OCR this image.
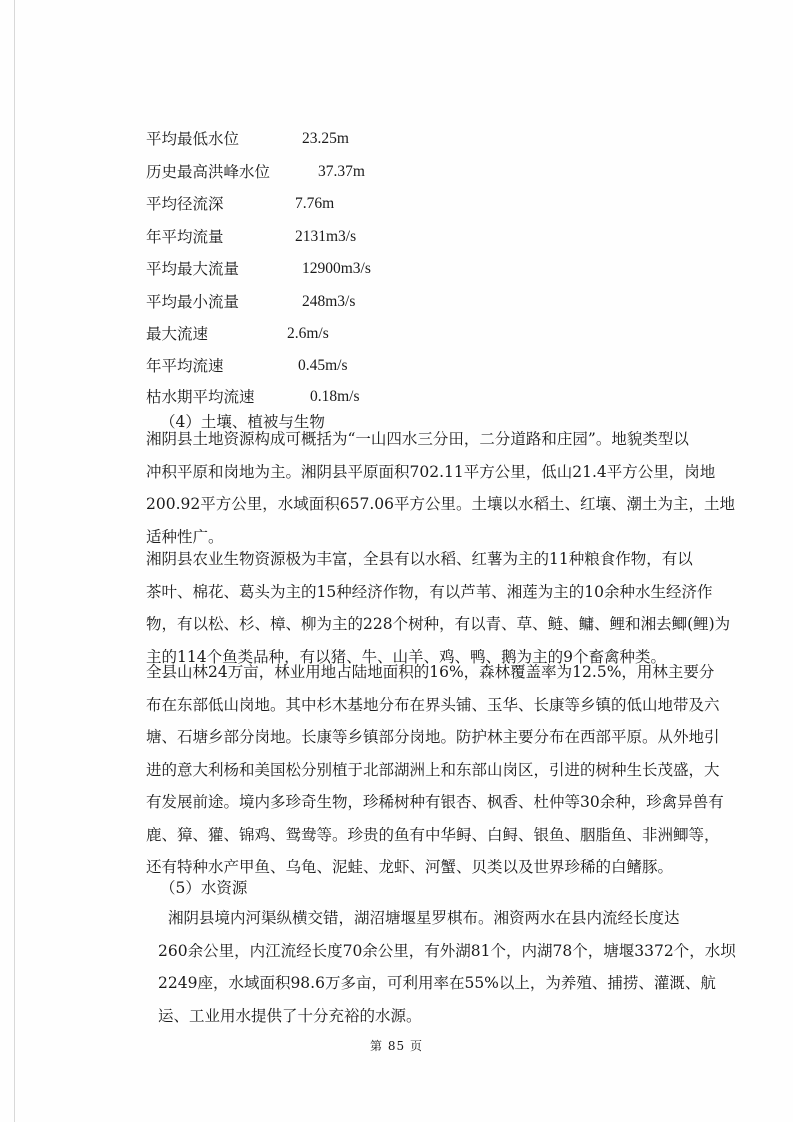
平均最低水位	23.25m
历史最高洪峰水位	37.37m
平均径流深	7.76m
年平均流量	2131m3/s
平均最大流量	12900m3/s
平均最小流量	248m3/s
最大流速	2.6m/s
年平均流速	0.45m/s
枯水期平均流速	0.18m/s
（4）土壤、植被与生物
湘阴县土地资源构成可概括为“一山四水三分田，二分道路和庄园”。地貌类型以
冲积平原和岗地为主。湘阴县平原面积702.11平方公里，低山21.4平方公里，岗地
200.92平方公里，水域面积657.06平方公里。土壤以水稻土、红壤、潮土为主，土地
适种性广。
湘阴县农业生物资源极为丰富，全县有以水稻、红薯为主的11种粮食作物，有以
茶叶、棉花、葛头为主的15种经济作物，有以芦苇、湘莲为主的10余种水生经济作
物，有以松、杉、樟、柳为主的228个树种，有以青、草、鲢、鳙、鲤和湘去鲫(鲤)为
主的114个鱼类品种，有以猪、牛、山羊、鸡、鸭、鹅为主的9个畜禽种类。
全县山林24万亩，林业用地占陆地面积的16%，森林覆盖率为12.5%，用林主要分
布在东部低山岗地。其中杉木基地分布在界头铺、玉华、长康等乡镇的低山地带及六
塘、石塘乡部分岗地。长康等乡镇部分岗地。防护林主要分布在西部平原。从外地引
进的意大利杨和美国松分别植于北部湖洲上和东部山岗区，引进的树种生长茂盛，大
有发展前途。境内多珍奇生物，珍稀树种有银杏、枫香、杜仲等30余种，珍禽异兽有
鹿、獐、獾、锦鸡、鸳鸯等。珍贵的鱼有中华鲟、白鲟、银鱼、胭脂鱼、非洲鲫等，
还有特种水产甲鱼、乌龟、泥蛙、龙虾、河蟹、贝类以及世界珍稀的白鳍豚。
（5）水资源
湘阴县境内河渠纵横交错，湖沼塘堰星罗棋布。湘资两水在县内流经长度达
260余公里，内江流经长度70余公里，有外湖81个，内湖78个，塘堰3372个，水坝
2249座，水域面积98.6万多亩，可利用率在55%以上，为养殖、捕捞、灌溉、航
运、工业用水提供了十分充裕的水源。
第 85 页
